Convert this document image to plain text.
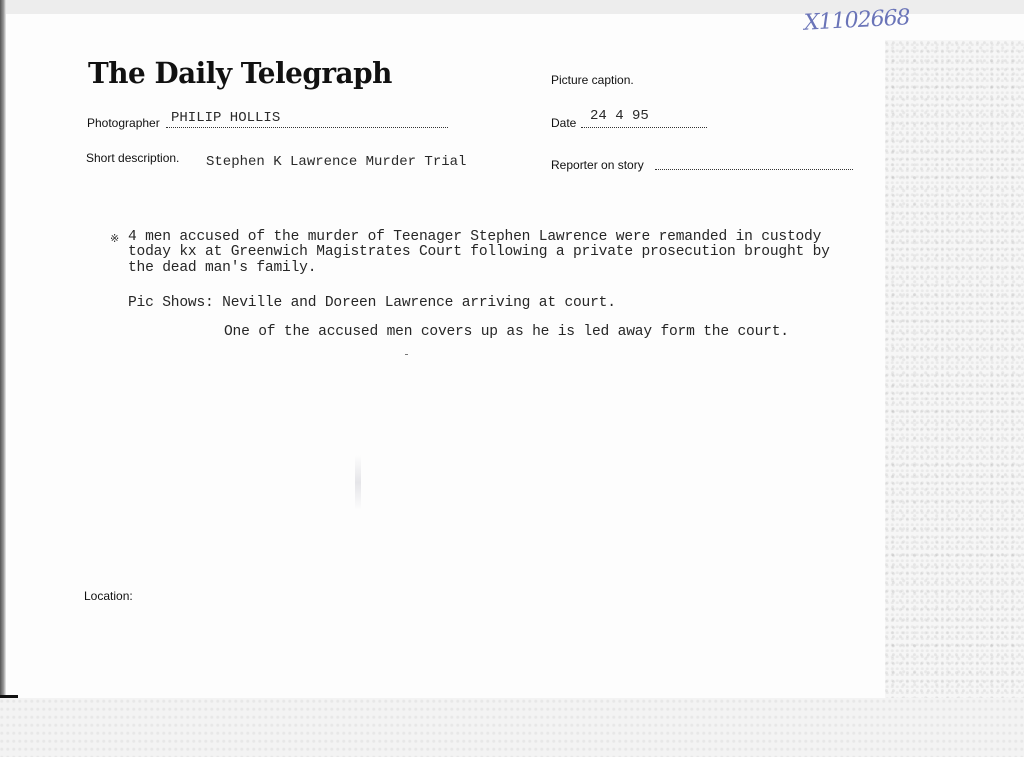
X1102668
The Daily Telegraph	Picture caption.
Photographer PHILIP HOLLIS	Date 24 4 95
Short description. Stephen K Lawrence Murder Trial	Reporter on story
※ 4 men accused of the murder of Teenager Stephen Lawrence were remanded in custody
today kx at Greenwich Magistrates Court following a private prosecution brought by
the dead man's family.
Pic Shows: Neville and Doreen Lawrence arriving at court.
One of the accused men covers up as he is led away form the court.
Location:
